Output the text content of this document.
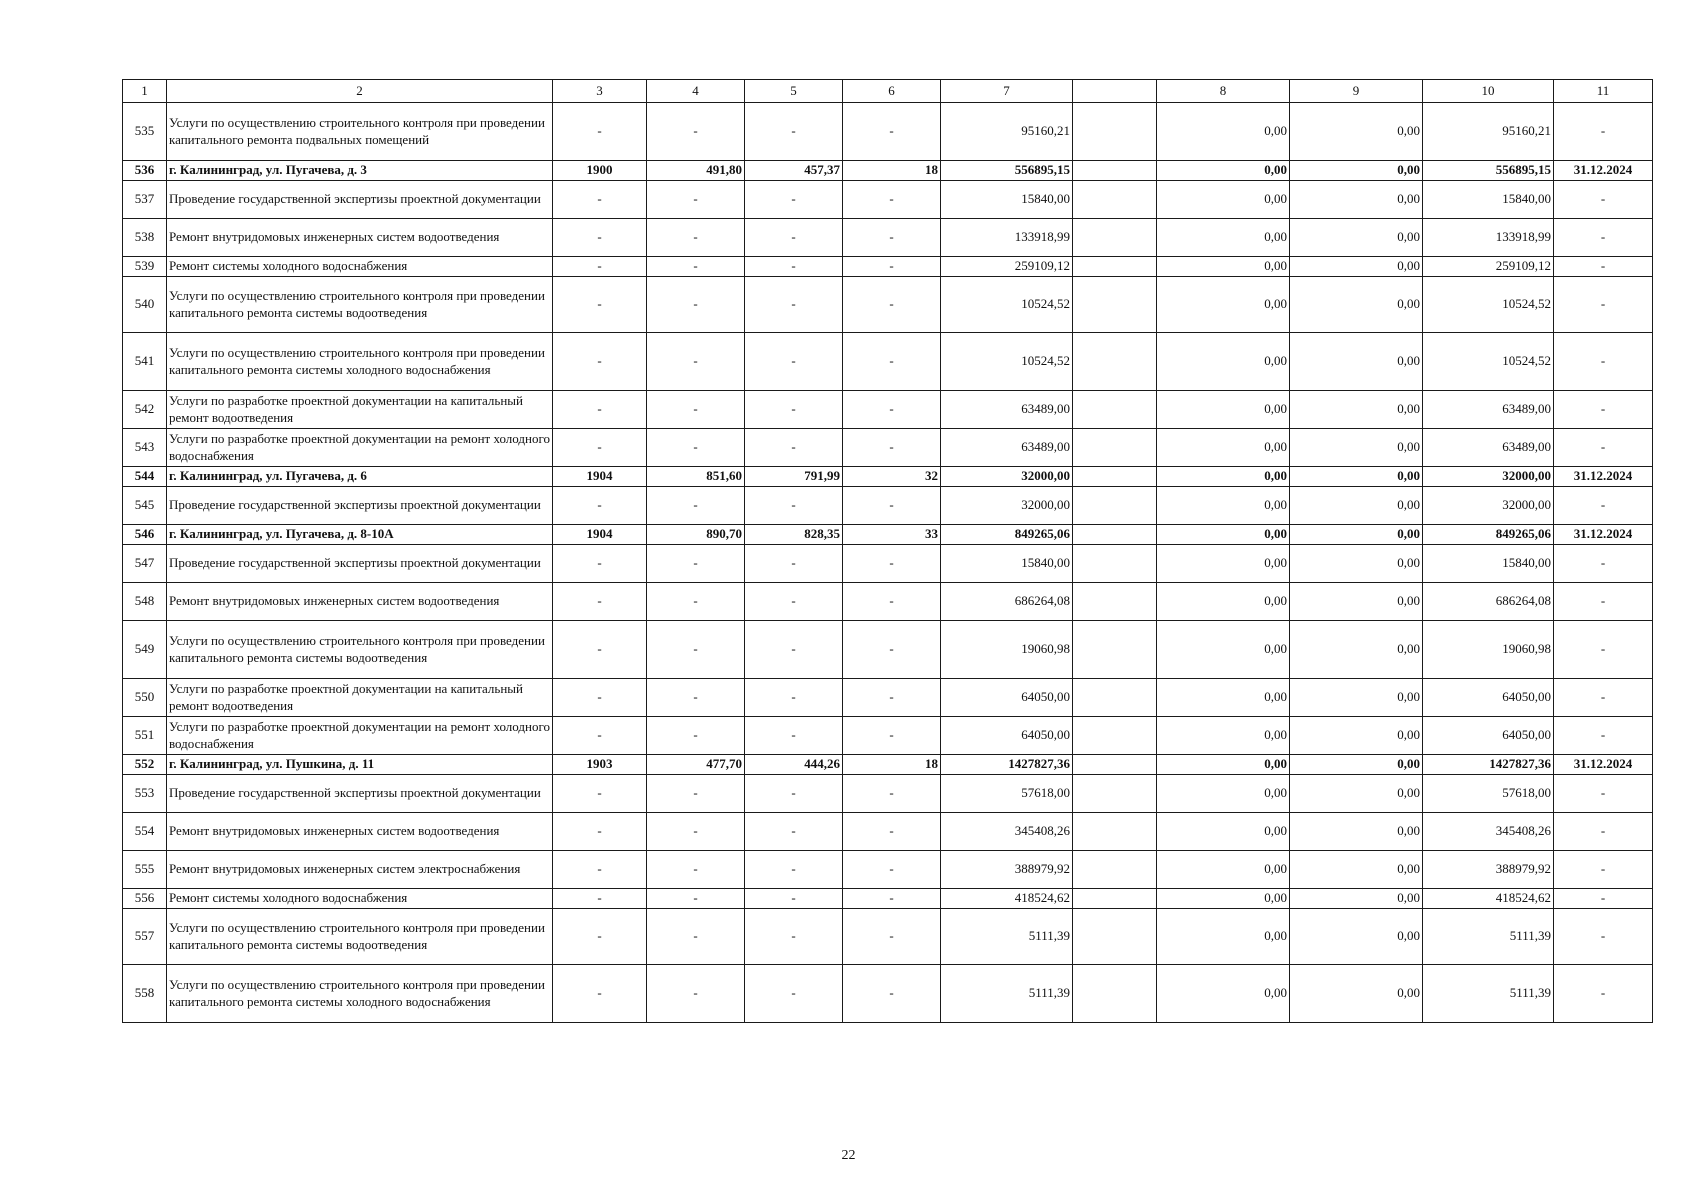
1	2	3	4	5	6	7		8	9	10	11
535	Услуги по осуществлению строительного контроля при проведении капитального ремонта подвальных помещений	-	-	-	-	95160,21		0,00	0,00	95160,21	-
536	г. Калининград, ул. Пугачева, д. 3	1900	491,80	457,37	18	556895,15		0,00	0,00	556895,15	31.12.2024
537	Проведение государственной экспертизы проектной документации	-	-	-	-	15840,00		0,00	0,00	15840,00	-
538	Ремонт внутридомовых инженерных систем водоотведения	-	-	-	-	133918,99		0,00	0,00	133918,99	-
539	Ремонт системы холодного водоснабжения	-	-	-	-	259109,12		0,00	0,00	259109,12	-
540	Услуги по осуществлению строительного контроля при проведении капитального ремонта системы водоотведения	-	-	-	-	10524,52		0,00	0,00	10524,52	-
541	Услуги по осуществлению строительного контроля при проведении капитального ремонта системы холодного водоснабжения	-	-	-	-	10524,52		0,00	0,00	10524,52	-
542	Услуги по разработке проектной документации на капитальный ремонт водоотведения	-	-	-	-	63489,00		0,00	0,00	63489,00	-
543	Услуги по разработке проектной документации на ремонт холодного водоснабжения	-	-	-	-	63489,00		0,00	0,00	63489,00	-
544	г. Калининград, ул. Пугачева, д. 6	1904	851,60	791,99	32	32000,00		0,00	0,00	32000,00	31.12.2024
545	Проведение государственной экспертизы проектной документации	-	-	-	-	32000,00		0,00	0,00	32000,00	-
546	г. Калининград, ул. Пугачева, д. 8-10А	1904	890,70	828,35	33	849265,06		0,00	0,00	849265,06	31.12.2024
547	Проведение государственной экспертизы проектной документации	-	-	-	-	15840,00		0,00	0,00	15840,00	-
548	Ремонт внутридомовых инженерных систем водоотведения	-	-	-	-	686264,08		0,00	0,00	686264,08	-
549	Услуги по осуществлению строительного контроля при проведении капитального ремонта системы водоотведения	-	-	-	-	19060,98		0,00	0,00	19060,98	-
550	Услуги по разработке проектной документации на капитальный ремонт водоотведения	-	-	-	-	64050,00		0,00	0,00	64050,00	-
551	Услуги по разработке проектной документации на ремонт холодного водоснабжения	-	-	-	-	64050,00		0,00	0,00	64050,00	-
552	г. Калининград, ул. Пушкина, д. 11	1903	477,70	444,26	18	1427827,36		0,00	0,00	1427827,36	31.12.2024
553	Проведение государственной экспертизы проектной документации	-	-	-	-	57618,00		0,00	0,00	57618,00	-
554	Ремонт внутридомовых инженерных систем водоотведения	-	-	-	-	345408,26		0,00	0,00	345408,26	-
555	Ремонт внутридомовых инженерных систем электроснабжения	-	-	-	-	388979,92		0,00	0,00	388979,92	-
556	Ремонт системы холодного водоснабжения	-	-	-	-	418524,62		0,00	0,00	418524,62	-
557	Услуги по осуществлению строительного контроля при проведении капитального ремонта системы водоотведения	-	-	-	-	5111,39		0,00	0,00	5111,39	-
558	Услуги по осуществлению строительного контроля при проведении капитального ремонта системы холодного водоснабжения	-	-	-	-	5111,39		0,00	0,00	5111,39	-
22
